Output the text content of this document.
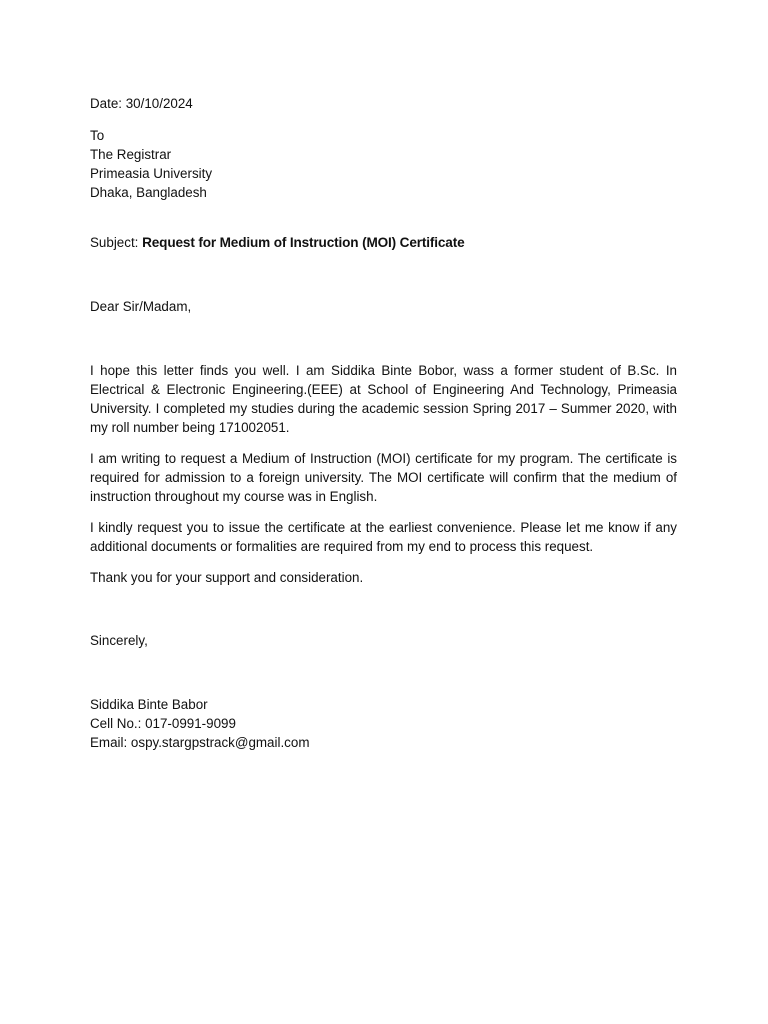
Date: 30/10/2024
To
The Registrar
Primeasia University
Dhaka, Bangladesh
Subject: Request for Medium of Instruction (MOI) Certificate
Dear Sir/Madam,

I hope this letter finds you well. I am Siddika Binte Bobor, wass a former student of B.Sc. In Electrical & Electronic Engineering.(EEE) at School of Engineering And Technology, Primeasia University. I completed my studies during the academic session Spring 2017 – Summer 2020, with my roll number being 171002051.

I am writing to request a Medium of Instruction (MOI) certificate for my program. The certificate is required for admission to a foreign university. The MOI certificate will confirm that the medium of instruction throughout my course was in English.

I kindly request you to issue the certificate at the earliest convenience. Please let me know if any additional documents or formalities are required from my end to process this request.

Thank you for your support and consideration.

Sincerely,
Siddika Binte Babor
Cell No.: 017-0991-9099
Email: ospy.stargpstrack@gmail.com
